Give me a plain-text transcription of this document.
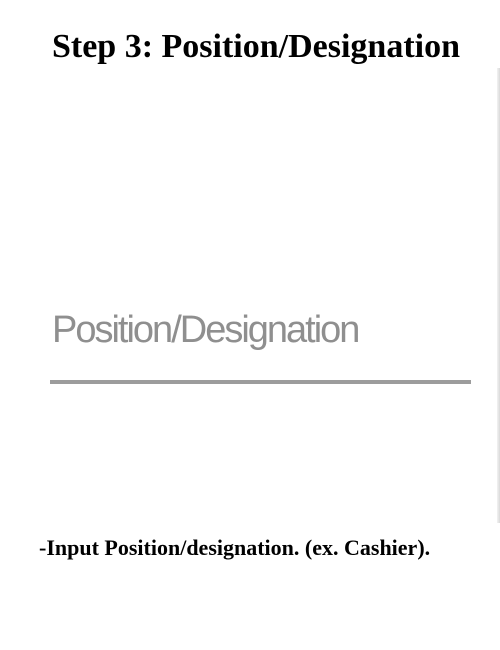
Step 3: Position/Designation
Position/Designation
-Input Position/designation. (ex. Cashier).
